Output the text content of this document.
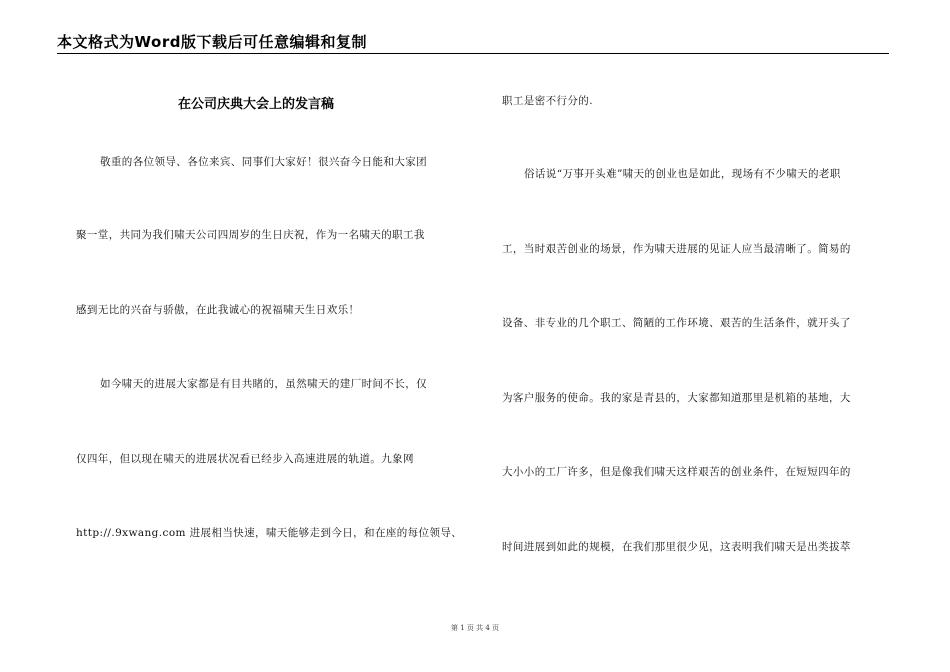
本文格式为Word版下载后可任意编辑和复制
在公司庆典大会上的发言稿
敬重的各位领导、各位来宾、同事们大家好！很兴奋今日能和大家团
聚一堂，共同为我们啸天公司四周岁的生日庆祝，作为一名啸天的职工我
感到无比的兴奋与骄傲，在此我诚心的祝福啸天生日欢乐！
如今啸天的进展大家都是有目共睹的，虽然啸天的建厂时间不长，仅
仅四年，但以现在啸天的进展状况看已经步入高速进展的轨道。九象网
http://.9xwang.com 进展相当快速，啸天能够走到今日，和在座的每位领导、
职工是密不行分的.
俗话说“万事开头难”啸天的创业也是如此，现场有不少啸天的老职
工，当时艰苦创业的场景，作为啸天进展的见证人应当最清晰了。简易的
设备、非专业的几个职工、简陋的工作环境、艰苦的生活条件，就开头了
为客户服务的使命。我的家是青县的，大家都知道那里是机箱的基地，大
大小小的工厂许多，但是像我们啸天这样艰苦的创业条件，在短短四年的
时间进展到如此的规模，在我们那里很少见，这表明我们啸天是出类拔萃
第 1 页 共 4 页
